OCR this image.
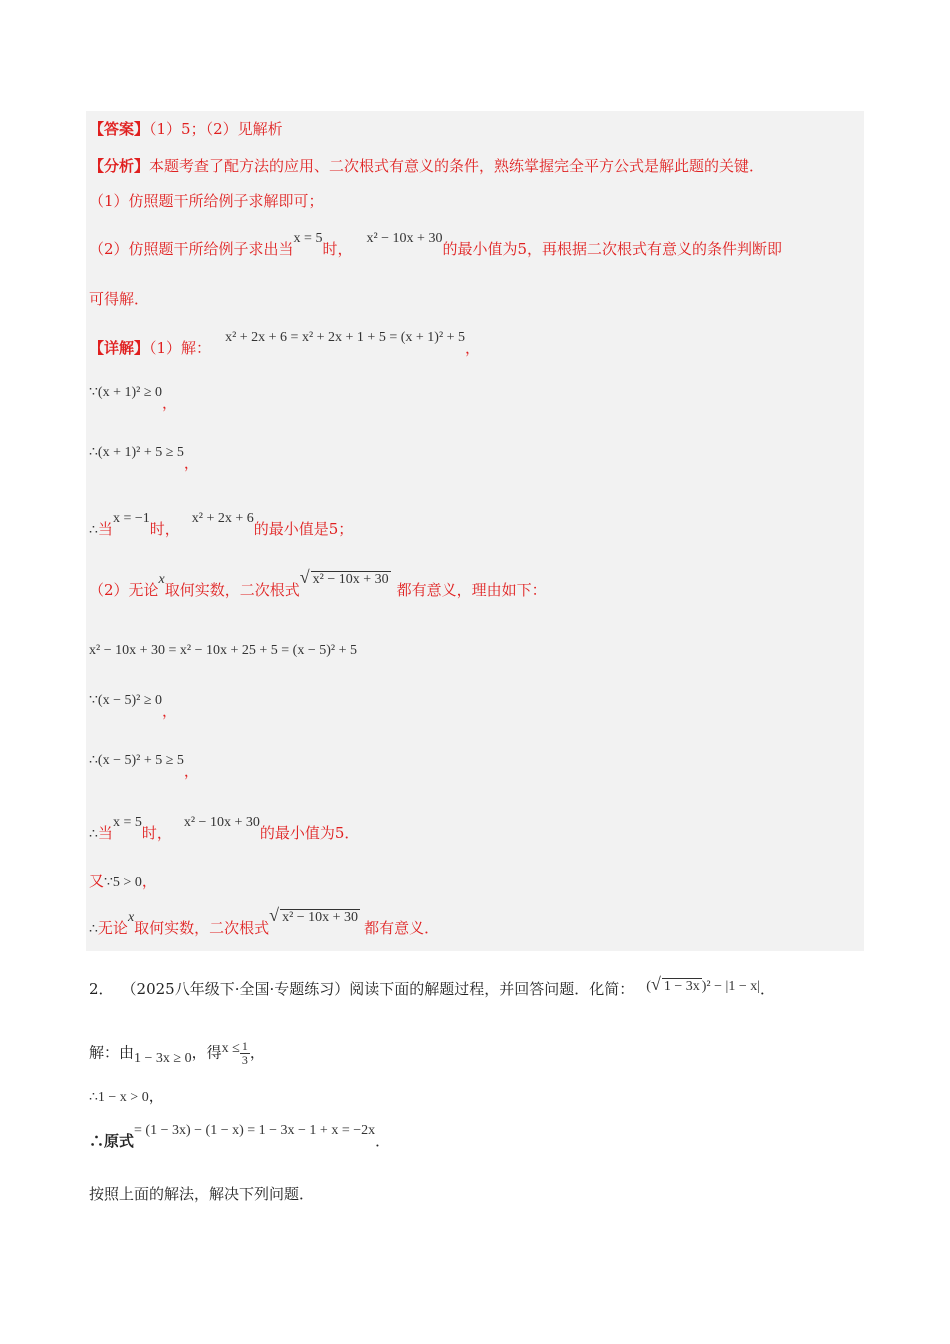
【答案】（1）5；（2）见解析
【分析】本题考查了配方法的应用、二次根式有意义的条件，熟练掌握完全平方公式是解此题的关键．
（1）仿照题干所给例子求解即可；
（2）仿照题干所给例子求出当x = 5时，x² − 10x + 30的最小值为5，再根据二次根式有意义的条件判断即
可得解．
【详解】（1）解：x² + 2x + 6 = x² + 2x + 1 + 5 = (x + 1)² + 5，
∵(x + 1)² ≥ 0，
∴(x + 1)² + 5 ≥ 5，
∴当x = −1时，x² + 2x + 6的最小值是5；
（2）无论x取何实数，二次根式√ x² − 10x + 30都有意义，理由如下：
x² − 10x + 30 = x² − 10x + 25 + 5 = (x − 5)² + 5
∵(x − 5)² ≥ 0，
∴(x − 5)² + 5 ≥ 5，
∴当x = 5时，x² − 10x + 30的最小值为5．
又∵5 > 0，
∴无论x取何实数，二次根式√ x² − 10x + 30都有意义．
2． （2025八年级下·全国·专题练习）阅读下面的解题过程，并回答问题．化简： (√ 1 − 3x )² − |1 − x|．
解：由1 − 3x ≥ 0，得$x \le \frac{1}{3}$ ，
∴1 − x > 0，
∴原式= (1 − 3x) − (1 − x) = 1 − 3x − 1 + x = −2x．
按照上面的解法，解决下列问题．
